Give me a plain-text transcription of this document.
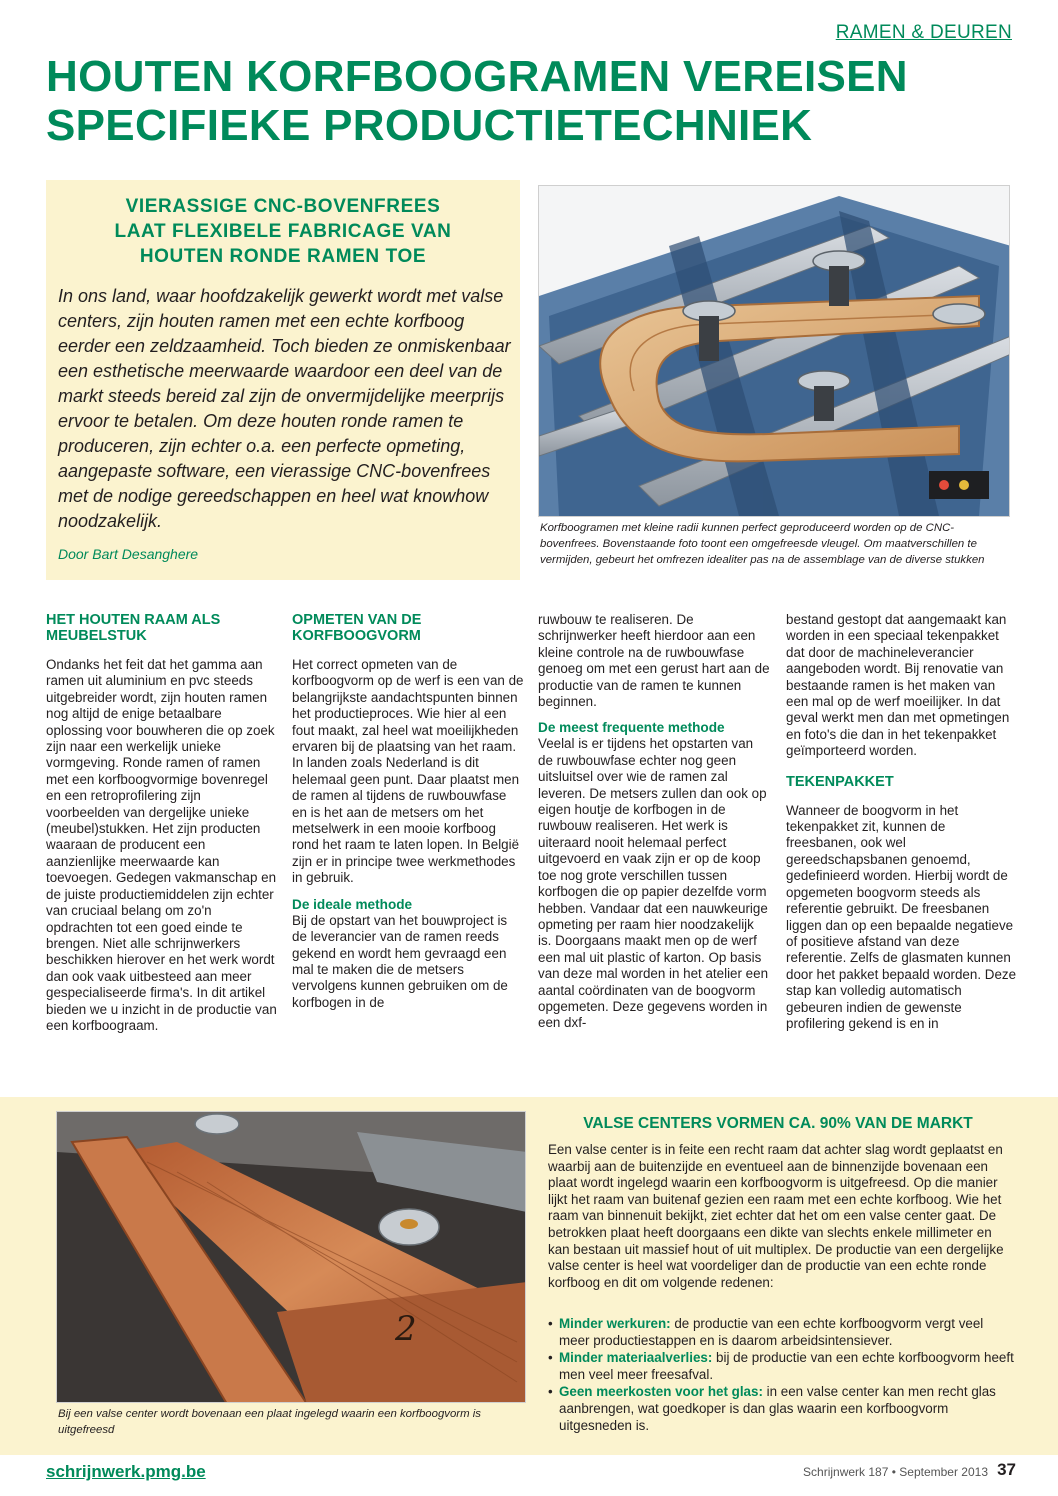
RAMEN & DEUREN
HOUTEN KORFBOOGRAMEN VEREISEN
SPECIFIEKE PRODUCTIETECHNIEK
VIERASSIGE CNC-BOVENFREES
LAAT FLEXIBELE FABRICAGE VAN
HOUTEN RONDE RAMEN TOE

In ons land, waar hoofdzakelijk gewerkt wordt met valse centers, zijn houten ramen met een echte korfboog eerder een zeldzaamheid. Toch bieden ze onmiskenbaar een esthetische meerwaarde waardoor een deel van de markt steeds bereid zal zijn de onvermijdelijke meerprijs ervoor te betalen. Om deze houten ronde ramen te produceren, zijn echter o.a. een perfecte opmeting, aangepaste software, een vierassige CNC-bovenfrees met de nodige gereedschappen en heel wat knowhow noodzakelijk.

Door Bart Desanghere

Korfboogramen met kleine radii kunnen perfect geproduceerd worden op de CNC-bovenfrees. Bovenstaande foto toont een omgefreesde vleugel. Om maatverschillen te vermijden, gebeurt het omfrezen idealiter pas na de assemblage van de diverse stukken

HET HOUTEN RAAM ALS MEUBELSTUK

Ondanks het feit dat het gamma aan ramen uit aluminium en pvc steeds uitgebreider wordt, zijn houten ramen nog altijd de enige betaalbare oplossing voor bouwheren die op zoek zijn naar een werkelijk unieke vormgeving. Ronde ramen of ramen met een korfboogvormige bovenregel en een retroprofilering zijn voorbeelden van dergelijke unieke (meubel)stukken. Het zijn producten waaraan de producent een aanzienlijke meerwaarde kan toevoegen. Gedegen vakmanschap en de juiste productiemiddelen zijn echter van cruciaal belang om zo'n opdrachten tot een goed einde te brengen. Niet alle schrijnwerkers beschikken hierover en het werk wordt dan ook vaak uitbesteed aan meer gespecialiseerde firma's. In dit artikel bieden we u inzicht in de productie van een korfboograam.

OPMETEN VAN DE KORFBOOGVORM

Het correct opmeten van de korfboogvorm op de werf is een van de belangrijkste aandachtspunten binnen het productieproces. Wie hier al een fout maakt, zal heel wat moeilijkheden ervaren bij de plaatsing van het raam. In landen zoals Nederland is dit helemaal geen punt. Daar plaatst men de ramen al tijdens de ruwbouwfase en is het aan de metsers om het metselwerk in een mooie korfboog rond het raam te laten lopen. In België zijn er in principe twee werkmethodes in gebruik.

De ideale methode

Bij de opstart van het bouwproject is de leverancier van de ramen reeds gekend en wordt hem gevraagd een mal te maken die de metsers vervolgens kunnen gebruiken om de korfbogen in de

ruwbouw te realiseren. De schrijnwerker heeft hierdoor aan een kleine controle na de ruwbouwfase genoeg om met een gerust hart aan de productie van de ramen te kunnen beginnen.

De meest frequente methode

Veelal is er tijdens het opstarten van de ruwbouwfase echter nog geen uitsluitsel over wie de ramen zal leveren. De metsers zullen dan ook op eigen houtje de korfbogen in de ruwbouw realiseren. Het werk is uiteraard nooit helemaal perfect uitgevoerd en vaak zijn er op de koop toe nog grote verschillen tussen korfbogen die op papier dezelfde vorm hebben. Vandaar dat een nauwkeurige opmeting per raam hier noodzakelijk is. Doorgaans maakt men op de werf een mal uit plastic of karton. Op basis van deze mal worden in het atelier een aantal coördinaten van de boogvorm opgemeten. Deze gegevens worden in een dxf-

bestand gestopt dat aangemaakt kan worden in een speciaal tekenpakket dat door de machineleverancier aangeboden wordt. Bij renovatie van bestaande ramen is het maken van een mal op de werf moeilijker. In dat geval werkt men dan met opmetingen en foto's die dan in het tekenpakket geïmporteerd worden.

TEKENPAKKET

Wanneer de boogvorm in het tekenpakket zit, kunnen de freesbanen, ook wel gereedschapsbanen genoemd, gedefinieerd worden. Hierbij wordt de opgemeten boogvorm steeds als referentie gebruikt. De freesbanen liggen dan op een bepaalde negatieve of positieve afstand van deze referentie. Zelfs de glasmaten kunnen door het pakket bepaald worden. Deze stap kan volledig automatisch gebeuren indien de gewenste profilering gekend is en in

2

Bij een valse center wordt bovenaan een plaat ingelegd waarin een korfboogvorm is uitgefreesd

VALSE CENTERS VORMEN CA. 90% VAN DE MARKT

Een valse center is in feite een recht raam dat achter slag wordt geplaatst en waarbij aan de buitenzijde en eventueel aan de binnenzijde bovenaan een plaat wordt ingelegd waarin een korfboogvorm is uitgefreesd. Op die manier lijkt het raam van buitenaf gezien een raam met een echte korfboog. Wie het raam van binnenuit bekijkt, ziet echter dat het om een valse center gaat. De betrokken plaat heeft doorgaans een dikte van slechts enkele millimeter en kan bestaan uit massief hout of uit multiplex. De productie van een dergelijke valse center is heel wat voordeliger dan de productie van een echte ronde korfboog en dit om volgende redenen:

• Minder werkuren: de productie van een echte korfboogvorm vergt veel meer productiestappen en is daarom arbeidsintensiever.
• Minder materiaalverlies: bij de productie van een echte korfboogvorm heeft men veel meer freesafval.
• Geen meerkosten voor het glas: in een valse center kan men recht glas aanbrengen, wat goedkoper is dan glas waarin een korfboogvorm uitgesneden is.

schrijnwerk.pmg.be	Schrijnwerk 187 • September 2013 37
